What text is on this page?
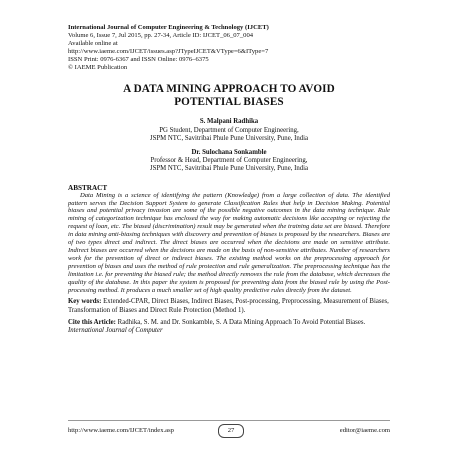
International Journal of Computer Engineering & Technology (IJCET)
Volume 6, Issue 7, Jul 2015, pp. 27-34, Article ID: IJCET_06_07_004
Available online at
http://www.iaeme.com/IJCET/issues.asp?JTypeIJCET&VType=6&IType=7
ISSN Print: 0976-6367 and ISSN Online: 0976–6375
© IAEME Publication
A DATA MINING APPROACH TO AVOID
POTENTIAL BIASES
S. Malpani Radhika
PG Student, Department of Computer Engineering,
JSPM NTC, Savitribai Phule Pune University, Pune, India
Dr. Sulochana Sonkamble
Professor & Head, Department of Computer Engineering,
JSPM NTC, Savitribai Phule Pune University, Pune, India
ABSTRACT
Data Mining is a science of identifying the pattern (Knowledge) from a large collection of data. The identified pattern serves the Decision Support System to generate Classification Rules that help in Decision Making. Potential biases and potential privacy invasion are some of the possible negative outcomes in the data mining technique. Rule mining of categorization technique has enclosed the way for making automatic decisions like accepting or rejecting the request of loan, etc. The biased (discrimination) result may be generated when the training data set are biased. Therefore in data mining anti-biasing techniques with discovery and prevention of biases is proposed by the researchers. Biases are of two types direct and indirect. The direct biases are occurred when the decisions are made on sensitive attribute. Indirect biases are occurred when the decisions are made on the basis of non-sensitive attributes. Number of researchers work for the prevention of direct or indirect biases. The existing method works on the preprocessing approach for prevention of biases and uses the method of rule protection and rule generalization. The preprocessing technique has the limitation i.e. for preventing the biased rule; the method directly removes the rule from the database, which decreases the quality of the database. In this paper the system is proposed for preventing data from the biased rule by using the Post-processing method. It produces a much smaller set of high quality predictive rules directly from the dataset.
Key words: Extended-CPAR, Direct Biases, Indirect Biases, Post-processing, Preprocessing, Measurement of Biases, Transformation of Biases and Direct Rule Protection (Method 1).
Cite this Article: Radhika, S. M. and Dr. Sonkamble, S. A Data Mining Approach To Avoid Potential Biases. International Journal of Computer
http://www.iaeme.com/IJCET/index.asp	27	editor@iaeme.com
